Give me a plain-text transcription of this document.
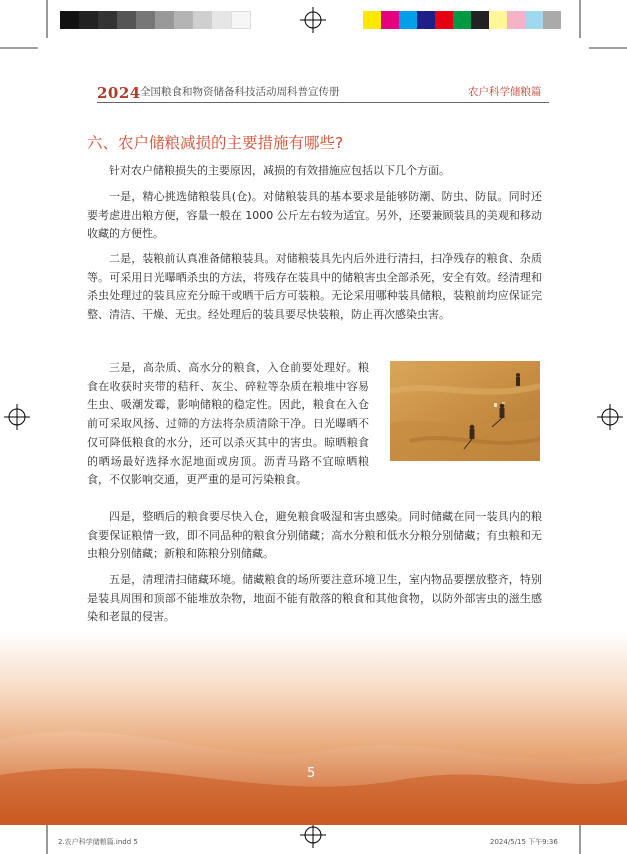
2024 全国粮食和物资储备科技活动周科普宣传册	农户科学储粮篇
六、农户储粮减损的主要措施有哪些?

针对农户储粮损失的主要原因，减损的有效措施应包括以下几个方面。

一是，精心挑选储粮装具(仓)。对储粮装具的基本要求是能够防潮、防虫、防鼠。同时还要考虑进出粮方便，容量一般在 1000 公斤左右较为适宜。另外，还要兼顾装具的美观和移动收藏的方便性。

二是，装粮前认真准备储粮装具。对储粮装具先内后外进行清扫，扫净残存的粮食、杂质等。可采用日光曝晒杀虫的方法，将残存在装具中的储粮害虫全部杀死，安全有效。经清理和杀虫处理过的装具应充分晾干或晒干后方可装粮。无论采用哪种装具储粮，装粮前均应保证完整、清洁、干燥、无虫。经处理后的装具要尽快装粮，防止再次感染虫害。

三是，高杂质、高水分的粮食，入仓前要处理好。粮食在收获时夹带的秸秆、灰尘、碎粒等杂质在粮堆中容易生虫、吸潮发霉，影响储粮的稳定性。因此，粮食在入仓前可采取风扬、过筛的方法将杂质清除干净。日光曝晒不仅可降低粮食的水分，还可以杀灭其中的害虫。晾晒粮食的晒场最好选择水泥地面或房顶。沥青马路不宜晾晒粮食，不仅影响交通，更严重的是可污染粮食。

四是，整晒后的粮食要尽快入仓，避免粮食吸湿和害虫感染。同时储藏在同一装具内的粮食要保证粮情一致，即不同品种的粮食分别储藏；高水分粮和低水分粮分别储藏；有虫粮和无虫粮分别储藏；新粮和陈粮分别储藏。

五是，清理清扫储藏环境。储藏粮食的场所要注意环境卫生，室内物品要摆放整齐，特别是装具周围和顶部不能堆放杂物，地面不能有散落的粮食和其他食物，以防外部害虫的滋生感染和老鼠的侵害。

5
2.农户科学储粮篇.indd 5	2024/5/15 下午9:36
